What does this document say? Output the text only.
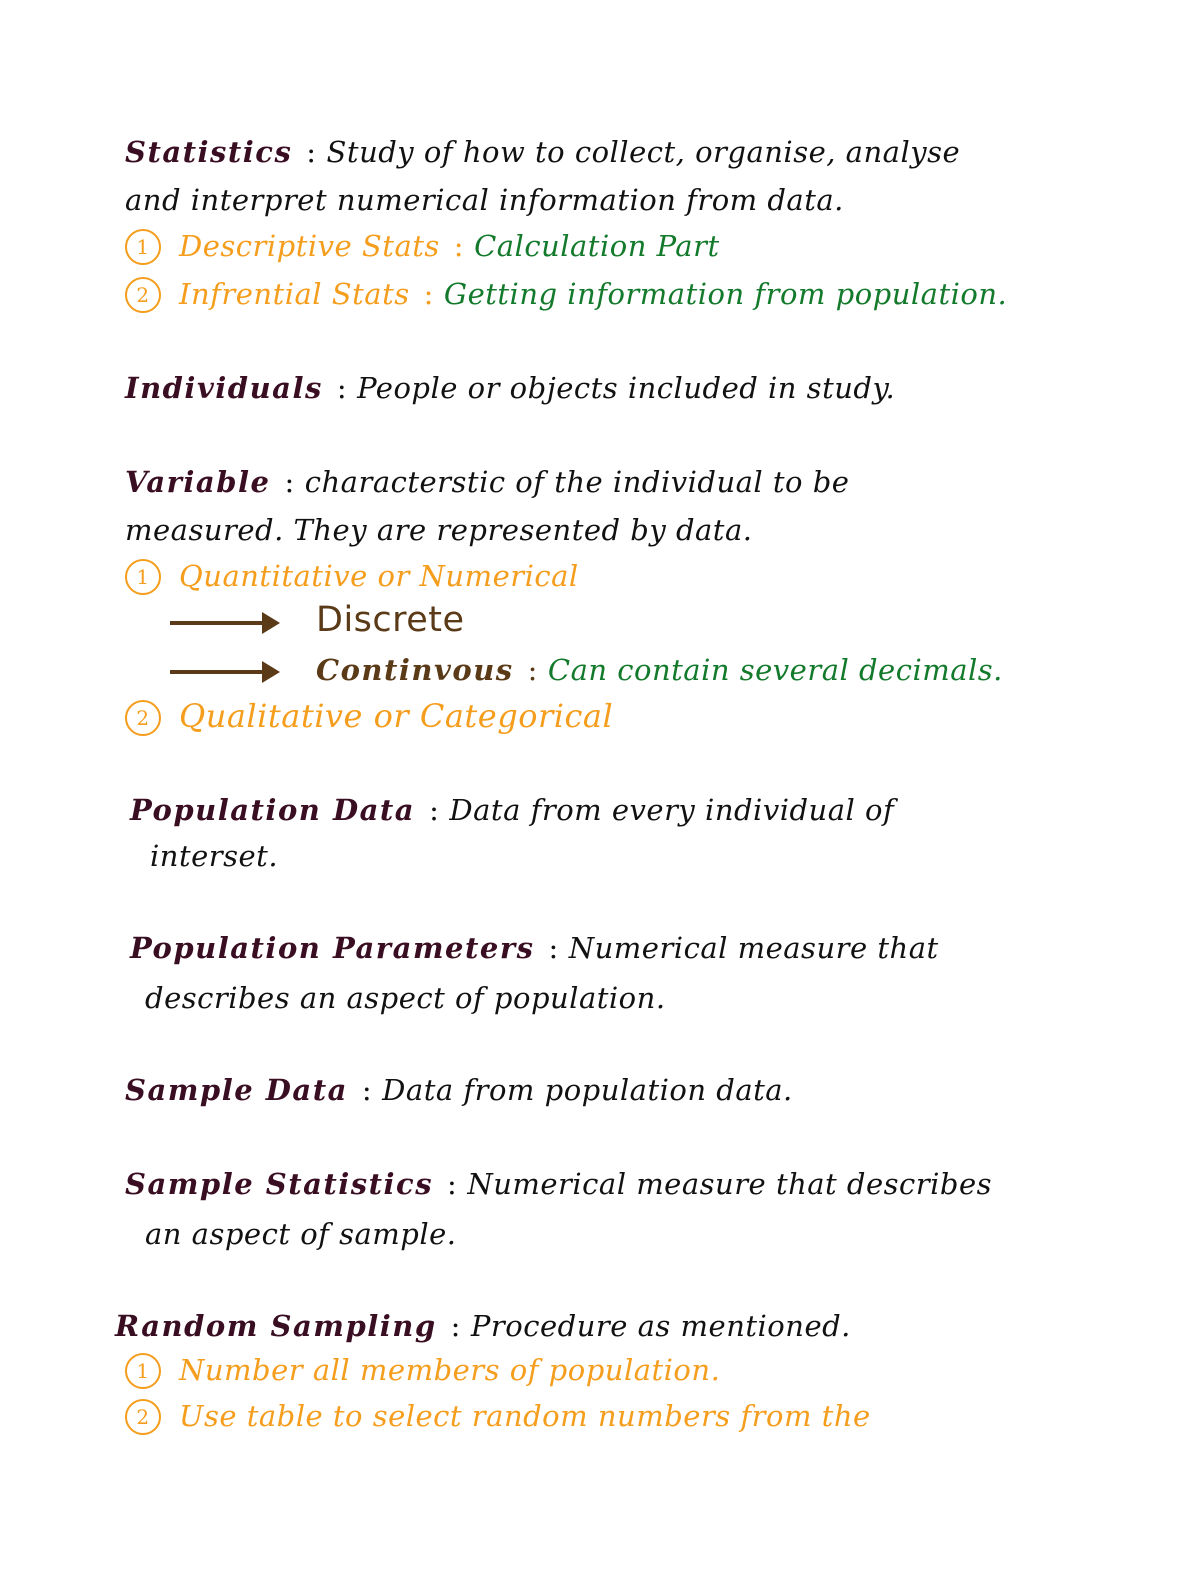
Statistics : Study of how to collect, organise, analyse
and interpret numerical information from data.
1 Descriptive Stats : Calculation Part
2 Infrential Stats : Getting information from population.
Individuals : People or objects included in study.
Variable : characterstic of the individual to be
measured. They are represented by data.
1 Quantitative or Numerical
Discrete
Continvous : Can contain several decimals.
2 Qualitative or Categorical
Population Data : Data from every individual of
interset.
Population Parameters : Numerical measure that
describes an aspect of population.
Sample Data : Data from population data.
Sample Statistics : Numerical measure that describes
an aspect of sample.
Random Sampling : Procedure as mentioned.
1 Number all members of population.
2 Use table to select random numbers from the
